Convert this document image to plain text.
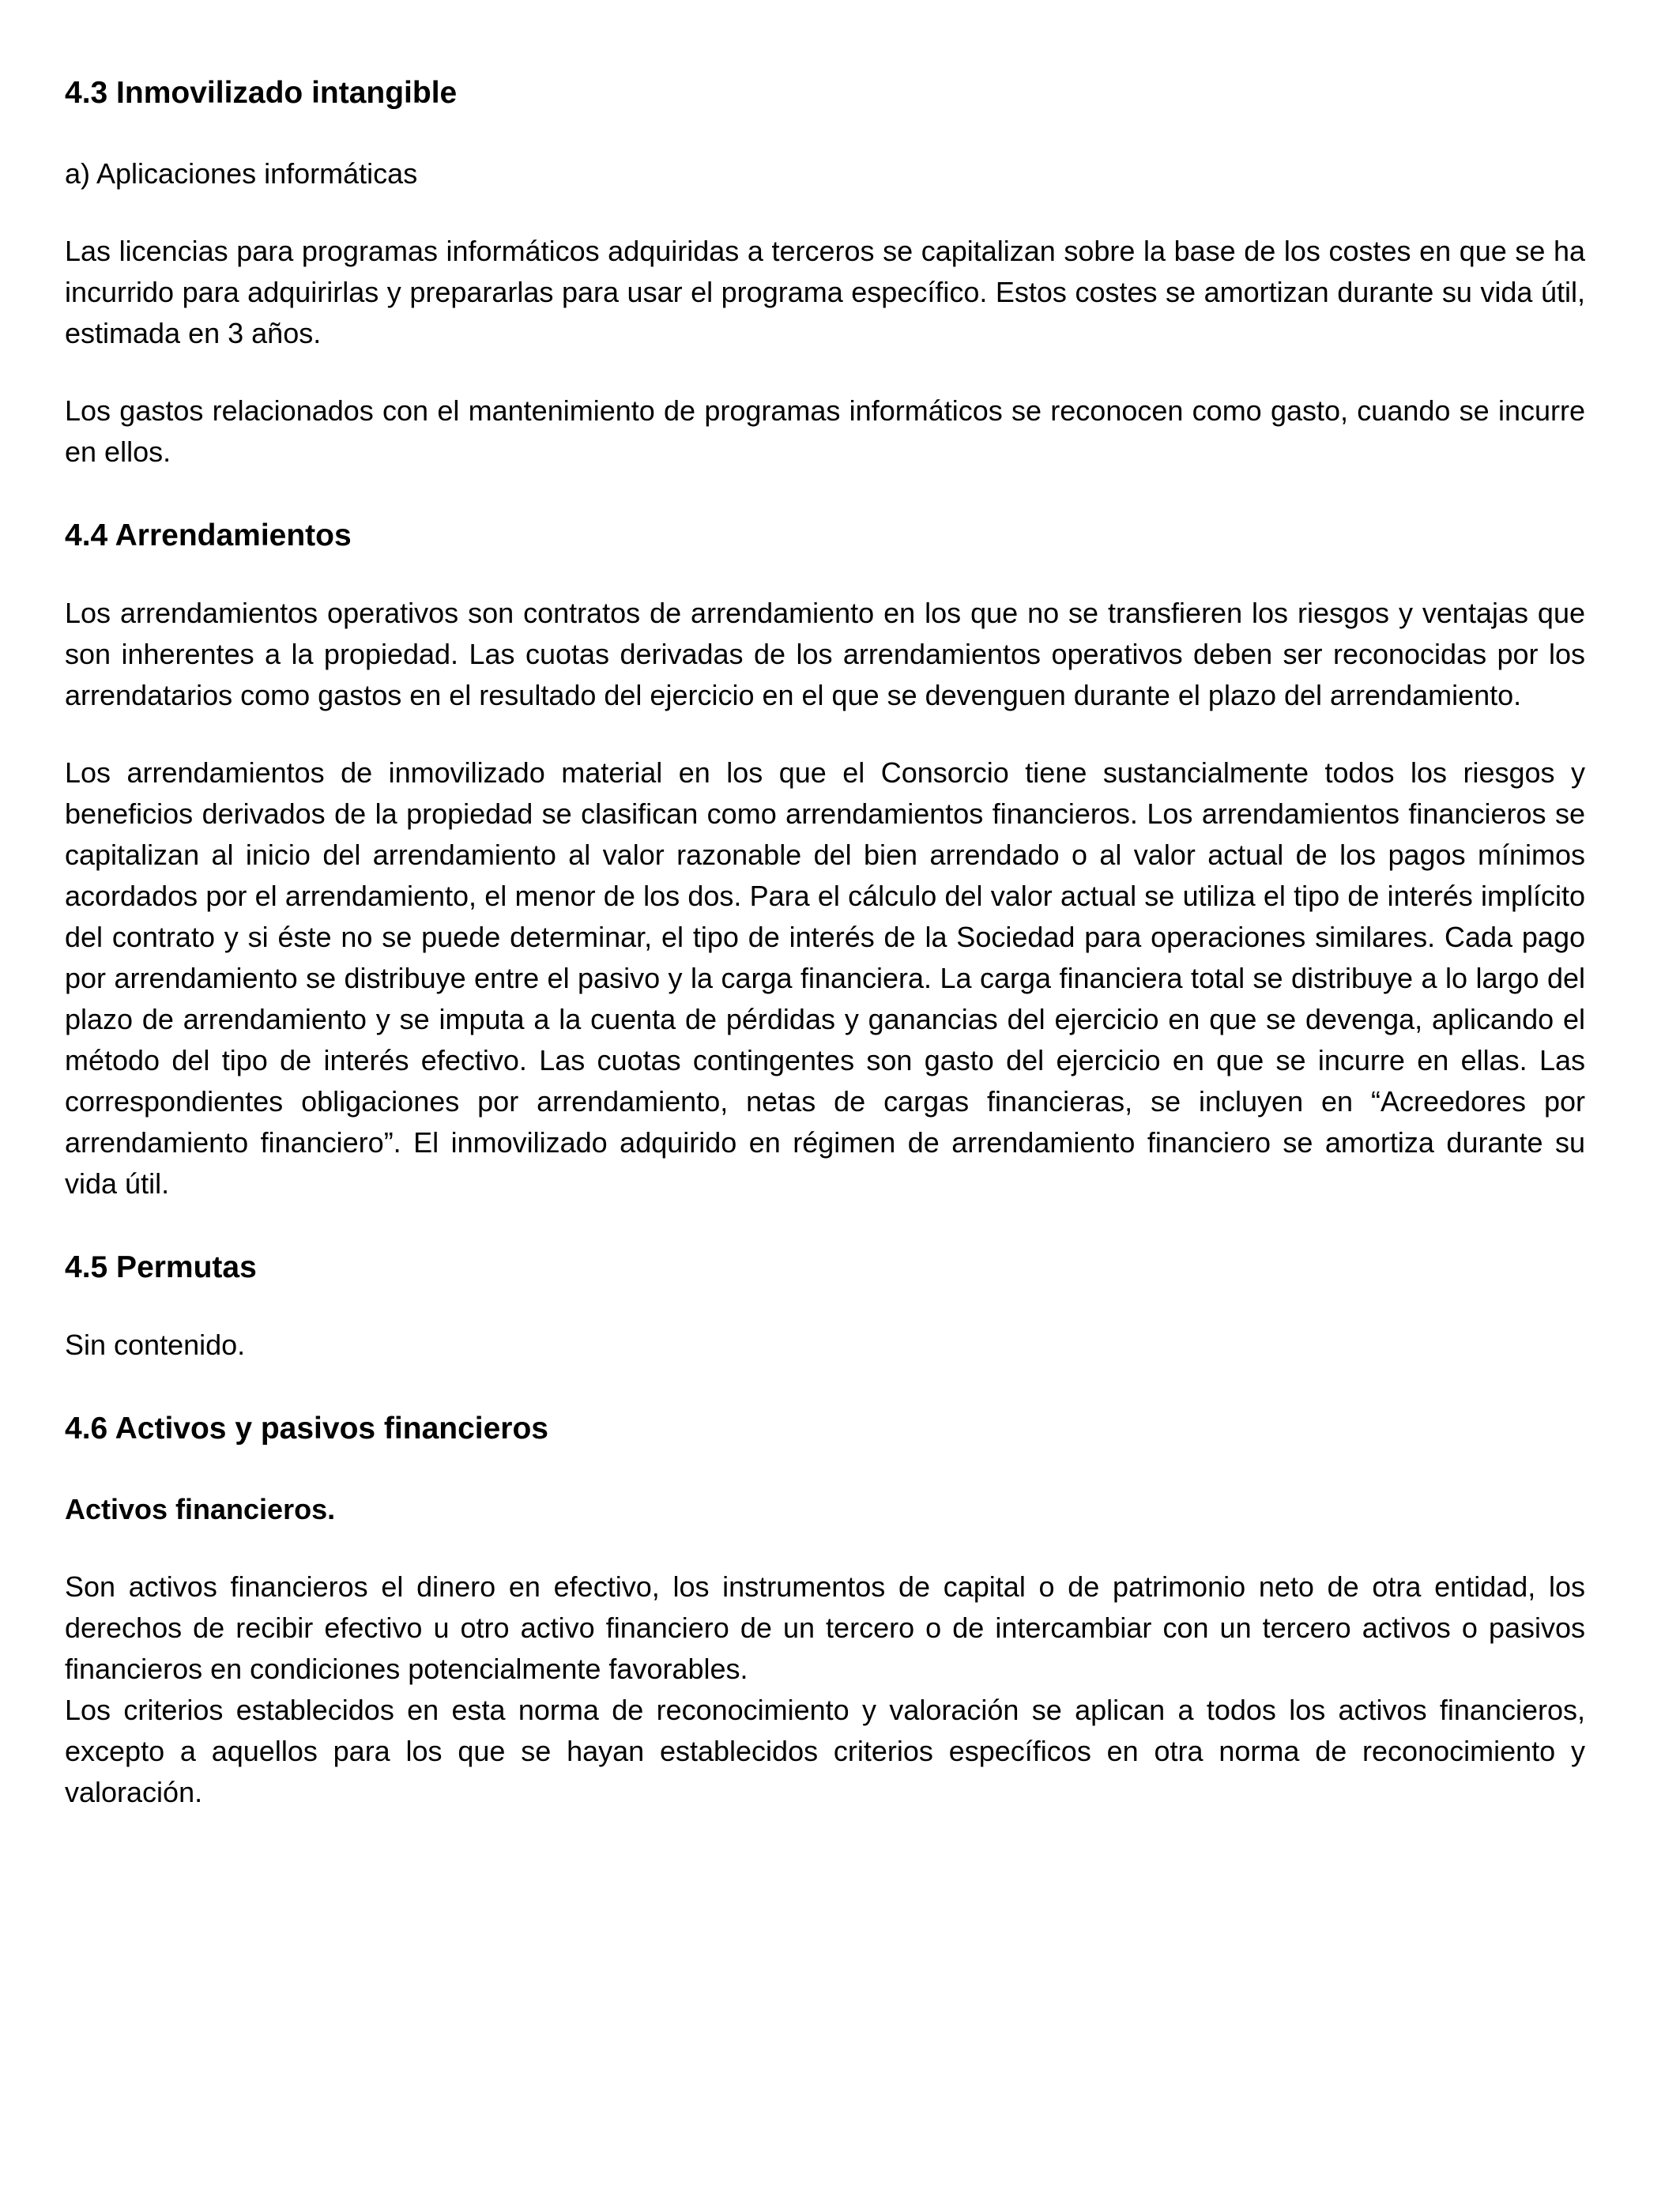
4.3 Inmovilizado intangible

a) Aplicaciones informáticas

Las licencias para programas informáticos adquiridas a terceros se capitalizan sobre la base de los costes en que se ha incurrido para adquirirlas y prepararlas para usar el programa específico. Estos costes se amortizan durante su vida útil, estimada en 3 años.

Los gastos relacionados con el mantenimiento de programas informáticos se reconocen como gasto, cuando se incurre en ellos.

4.4 Arrendamientos

Los arrendamientos operativos son contratos de arrendamiento en los que no se transfieren los riesgos y ventajas que son inherentes a la propiedad. Las cuotas derivadas de los arrendamientos operativos deben ser reconocidas por los arrendatarios como gastos en el resultado del ejercicio en el que se devenguen durante el plazo del arrendamiento.

Los arrendamientos de inmovilizado material en los que el Consorcio tiene sustancialmente todos los riesgos y beneficios derivados de la propiedad se clasifican como arrendamientos financieros. Los arrendamientos financieros se capitalizan al inicio del arrendamiento al valor razonable del bien arrendado o al valor actual de los pagos mínimos acordados por el arrendamiento, el menor de los dos. Para el cálculo del valor actual se utiliza el tipo de interés implícito del contrato y si éste no se puede determinar, el tipo de interés de la Sociedad para operaciones similares. Cada pago por arrendamiento se distribuye entre el pasivo y la carga financiera. La carga financiera total se distribuye a lo largo del plazo de arrendamiento y se imputa a la cuenta de pérdidas y ganancias del ejercicio en que se devenga, aplicando el método del tipo de interés efectivo. Las cuotas contingentes son gasto del ejercicio en que se incurre en ellas. Las correspondientes obligaciones por arrendamiento, netas de cargas financieras, se incluyen en “Acreedores por arrendamiento financiero”. El inmovilizado adquirido en régimen de arrendamiento financiero se amortiza durante su vida útil.

4.5 Permutas

Sin contenido.

4.6 Activos y pasivos financieros

Activos financieros.

Son activos financieros el dinero en efectivo, los instrumentos de capital o de patrimonio neto de otra entidad, los derechos de recibir efectivo u otro activo financiero de un tercero o de intercambiar con un tercero activos o pasivos financieros en condiciones potencialmente favorables.

Los criterios establecidos en esta norma de reconocimiento y valoración se aplican a todos los activos financieros, excepto a aquellos para los que se hayan establecidos criterios específicos en otra norma de reconocimiento y valoración.
